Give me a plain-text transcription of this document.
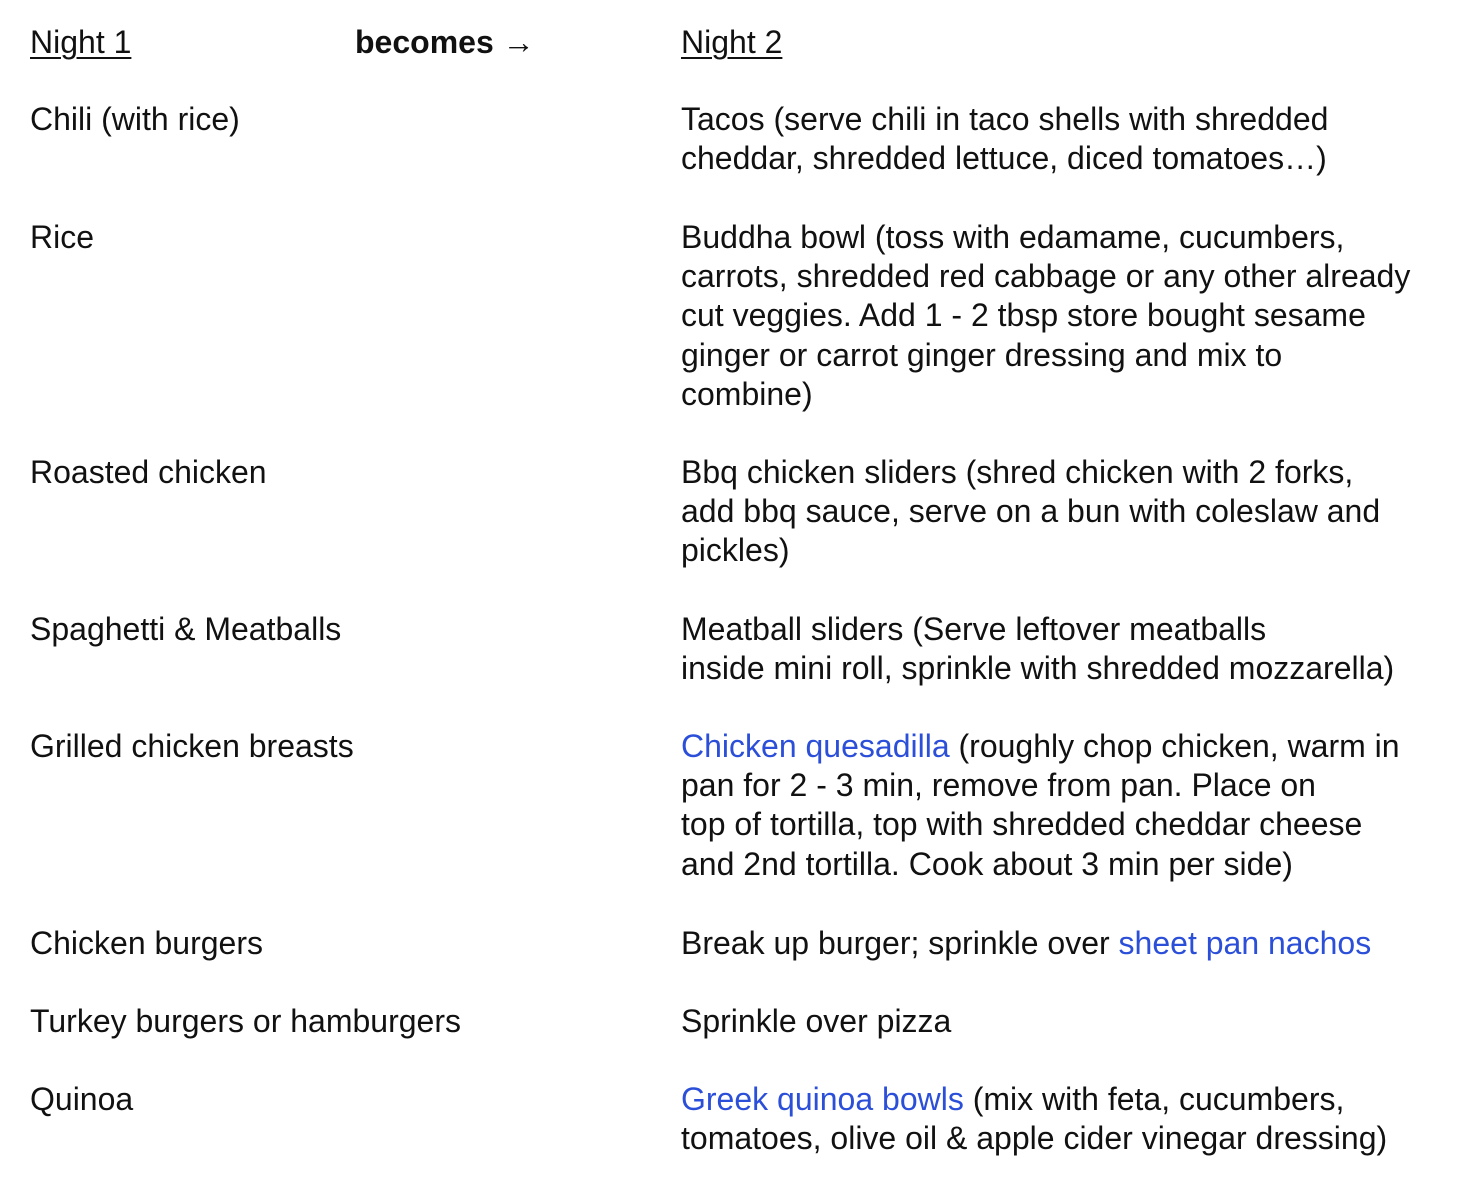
Night 1	becomes →	Night 2
Chili (with rice)	Tacos (serve chili in taco shells with shredded
cheddar, shredded lettuce, diced tomatoes…)
Rice	Buddha bowl (toss with edamame, cucumbers,
carrots, shredded red cabbage or any other already
cut veggies. Add 1 - 2 tbsp store bought sesame
ginger or carrot ginger dressing and mix to
combine)
Roasted chicken	Bbq chicken sliders (shred chicken with 2 forks,
add bbq sauce, serve on a bun with coleslaw and
pickles)
Spaghetti & Meatballs	Meatball sliders (Serve leftover meatballs
inside mini roll, sprinkle with shredded mozzarella)
Grilled chicken breasts	Chicken quesadilla (roughly chop chicken, warm in
pan for 2 - 3 min, remove from pan. Place on
top of tortilla, top with shredded cheddar cheese
and 2nd tortilla. Cook about 3 min per side)
Chicken burgers	Break up burger; sprinkle over sheet pan nachos
Turkey burgers or hamburgers	Sprinkle over pizza
Quinoa	Greek quinoa bowls (mix with feta, cucumbers,
tomatoes, olive oil & apple cider vinegar dressing)
